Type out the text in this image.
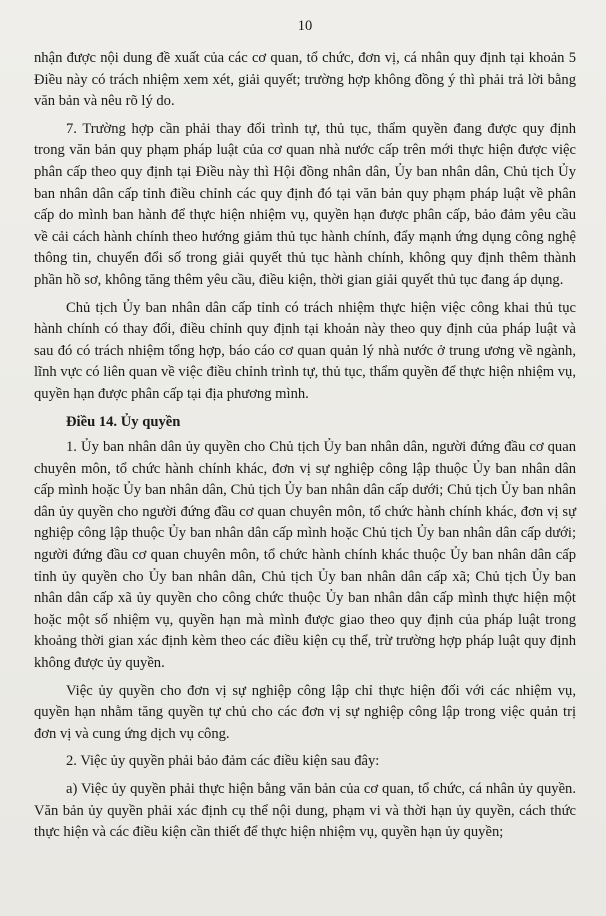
10

nhận được nội dung đề xuất của các cơ quan, tổ chức, đơn vị, cá nhân quy định tại khoản 5 Điều này có trách nhiệm xem xét, giải quyết; trường hợp không đồng ý thì phải trả lời bằng văn bản và nêu rõ lý do.

7. Trường hợp cần phải thay đổi trình tự, thủ tục, thẩm quyền đang được quy định trong văn bản quy phạm pháp luật của cơ quan nhà nước cấp trên mới thực hiện được việc phân cấp theo quy định tại Điều này thì Hội đồng nhân dân, Ủy ban nhân dân, Chủ tịch Ủy ban nhân dân cấp tỉnh điều chỉnh các quy định đó tại văn bản quy phạm pháp luật về phân cấp do mình ban hành để thực hiện nhiệm vụ, quyền hạn được phân cấp, bảo đảm yêu cầu về cải cách hành chính theo hướng giảm thủ tục hành chính, đẩy mạnh ứng dụng công nghệ thông tin, chuyển đổi số trong giải quyết thủ tục hành chính, không quy định thêm thành phần hồ sơ, không tăng thêm yêu cầu, điều kiện, thời gian giải quyết thủ tục đang áp dụng.

Chủ tịch Ủy ban nhân dân cấp tỉnh có trách nhiệm thực hiện việc công khai thủ tục hành chính có thay đổi, điều chỉnh quy định tại khoản này theo quy định của pháp luật và sau đó có trách nhiệm tổng hợp, báo cáo cơ quan quản lý nhà nước ở trung ương về ngành, lĩnh vực có liên quan về việc điều chỉnh trình tự, thủ tục, thẩm quyền để thực hiện nhiệm vụ, quyền hạn được phân cấp tại địa phương mình.

Điều 14. Ủy quyền

1. Ủy ban nhân dân ủy quyền cho Chủ tịch Ủy ban nhân dân, người đứng đầu cơ quan chuyên môn, tổ chức hành chính khác, đơn vị sự nghiệp công lập thuộc Ủy ban nhân dân cấp mình hoặc Ủy ban nhân dân, Chủ tịch Ủy ban nhân dân cấp dưới; Chủ tịch Ủy ban nhân dân ủy quyền cho người đứng đầu cơ quan chuyên môn, tổ chức hành chính khác, đơn vị sự nghiệp công lập thuộc Ủy ban nhân dân cấp mình hoặc Chủ tịch Ủy ban nhân dân cấp dưới; người đứng đầu cơ quan chuyên môn, tổ chức hành chính khác thuộc Ủy ban nhân dân cấp tỉnh ủy quyền cho Ủy ban nhân dân, Chủ tịch Ủy ban nhân dân cấp xã; Chủ tịch Ủy ban nhân dân cấp xã ủy quyền cho công chức thuộc Ủy ban nhân dân cấp mình thực hiện một hoặc một số nhiệm vụ, quyền hạn mà mình được giao theo quy định của pháp luật trong khoảng thời gian xác định kèm theo các điều kiện cụ thể, trừ trường hợp pháp luật quy định không được ủy quyền.

Việc ủy quyền cho đơn vị sự nghiệp công lập chỉ thực hiện đối với các nhiệm vụ, quyền hạn nhằm tăng quyền tự chủ cho các đơn vị sự nghiệp công lập trong việc quản trị đơn vị và cung ứng dịch vụ công.

2. Việc ủy quyền phải bảo đảm các điều kiện sau đây:

a) Việc ủy quyền phải thực hiện bằng văn bản của cơ quan, tổ chức, cá nhân ủy quyền. Văn bản ủy quyền phải xác định cụ thể nội dung, phạm vi và thời hạn ủy quyền, cách thức thực hiện và các điều kiện cần thiết để thực hiện nhiệm vụ, quyền hạn ủy quyền;
